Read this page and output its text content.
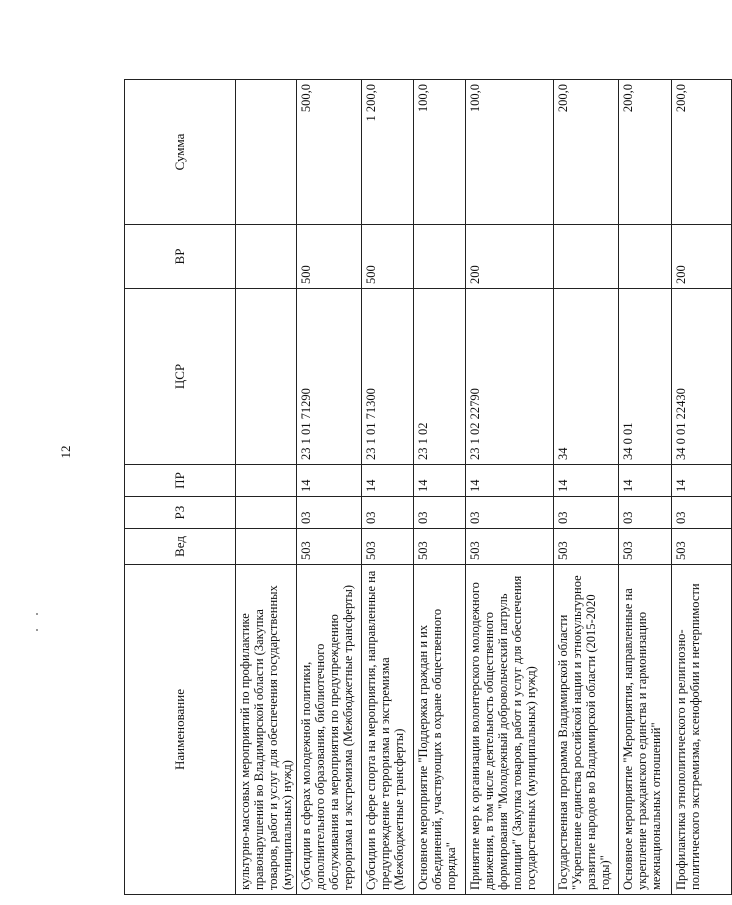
12
Наименование	Вед	РЗ	ПР	ЦСР	ВР	Сумма
культурно-массовых мероприятий по профилактике правонарушений во Владимирской области (Закупка товаров, работ и услуг для обеспечения государственных (муниципальных) нужд)						
Субсидии в сферах молодежной политики, дополнительного образования, библиотечного обслуживания на мероприятия по предупреждению терроризма и экстремизма (Межбюджетные трансферты)	503	03	14	23 1 01 71290	500	500,0
Субсидии в сфере спорта на мероприятия, направленные на предупреждение терроризма и экстремизма (Межбюджетные трансферты)	503	03	14	23 1 01 71300	500	1 200,0
Основное мероприятие "Поддержка граждан и их объединений, участвующих в охране общественного порядка"	503	03	14	23 1 02		100,0
Принятие мер к организации волонтерского молодежного движения, в том числе деятельность общественного формирования "Молодежный добровольческий патруль полиции" (Закупка товаров, работ и услуг для обеспечения государственных (муниципальных) нужд)	503	03	14	23 1 02 22790	200	100,0
Государственная программа Владимирской области "Укрепление единства российской нации и этнокультурное развитие народов во Владимирской области (2015-2020 годы)"	503	03	14	34		200,0
Основное мероприятие "Мероприятия, направленные на укрепление гражданского единства и гармонизацию межнациональных отношений"	503	03	14	34 0 01		200,0
Профилактика этнополитического и религиозно-политического экстремизма, ксенофобии и нетерпимости	503	03	14	34 0 01 22430	200	200,0
